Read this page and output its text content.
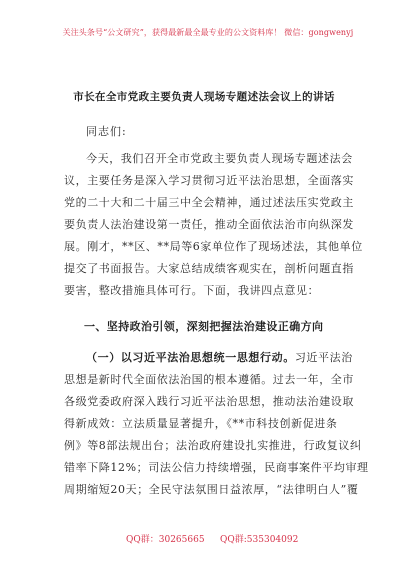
关注头条号“公文研究”，获得最新最全最专业的公文资料库！ 微信：gongwenyj
市长在全市党政主要负责人现场专题述法会议上的讲话
同志们:
今天，我们召开全市党政主要负责人现场专题述法会
议，主要任务是深入学习贯彻习近平法治思想，全面落实
党的二十大和二十届三中全会精神，通过述法压实党政主
要负责人法治建设第一责任，推动全面依法治市向纵深发
展。刚才，**区、**局等6家单位作了现场述法，其他单位
提交了书面报告。大家总结成绩客观实在，剖析问题直指
要害，整改措施具体可行。下面，我讲四点意见：
一、坚持政治引领，深刻把握法治建设正确方向
（一）以习近平法治思想统一思想行动。习近平法治
思想是新时代全面依法治国的根本遵循。过去一年，全市
各级党委政府深入践行习近平法治思想，推动法治建设取
得新成效：立法质量显著提升，《**市科技创新促进条
例》等8部法规出台；法治政府建设扎实推进，行政复议纠
错率下降12%；司法公信力持续增强，民商事案件平均审理
周期缩短20天；全民守法氛围日益浓厚，“法律明白人”覆
QQ群：30265665 QQ群:535304092
